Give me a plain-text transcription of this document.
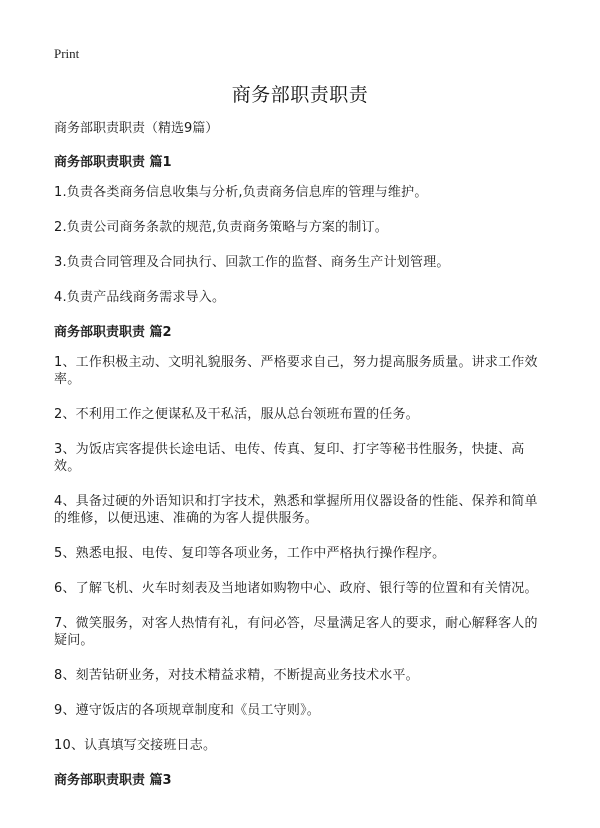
Print
商务部职责职责

商务部职责职责（精选9篇）

商务部职责职责 篇1

1.负责各类商务信息收集与分析,负责商务信息库的管理与维护。

2.负责公司商务条款的规范,负责商务策略与方案的制订。

3.负责合同管理及合同执行、回款工作的监督、商务生产计划管理。

4.负责产品线商务需求导入。

商务部职责职责 篇2

1、工作积极主动、文明礼貌服务、严格要求自己，努力提高服务质量。讲求工作效率。

2、不利用工作之便谋私及干私活，服从总台领班布置的任务。

3、为饭店宾客提供长途电话、电传、传真、复印、打字等秘书性服务，快捷、高效。

4、具备过硬的外语知识和打字技术，熟悉和掌握所用仪器设备的性能、保养和简单的维修，以便迅速、准确的为客人提供服务。

5、熟悉电报、电传、复印等各项业务，工作中严格执行操作程序。

6、了解飞机、火车时刻表及当地诸如购物中心、政府、银行等的位置和有关情况。

7、微笑服务，对客人热情有礼，有问必答，尽量满足客人的要求，耐心解释客人的疑问。

8、刻苦钻研业务，对技术精益求精，不断提高业务技术水平。

9、遵守饭店的各项规章制度和《员工守则》。

10、认真填写交接班日志。

商务部职责职责 篇3
